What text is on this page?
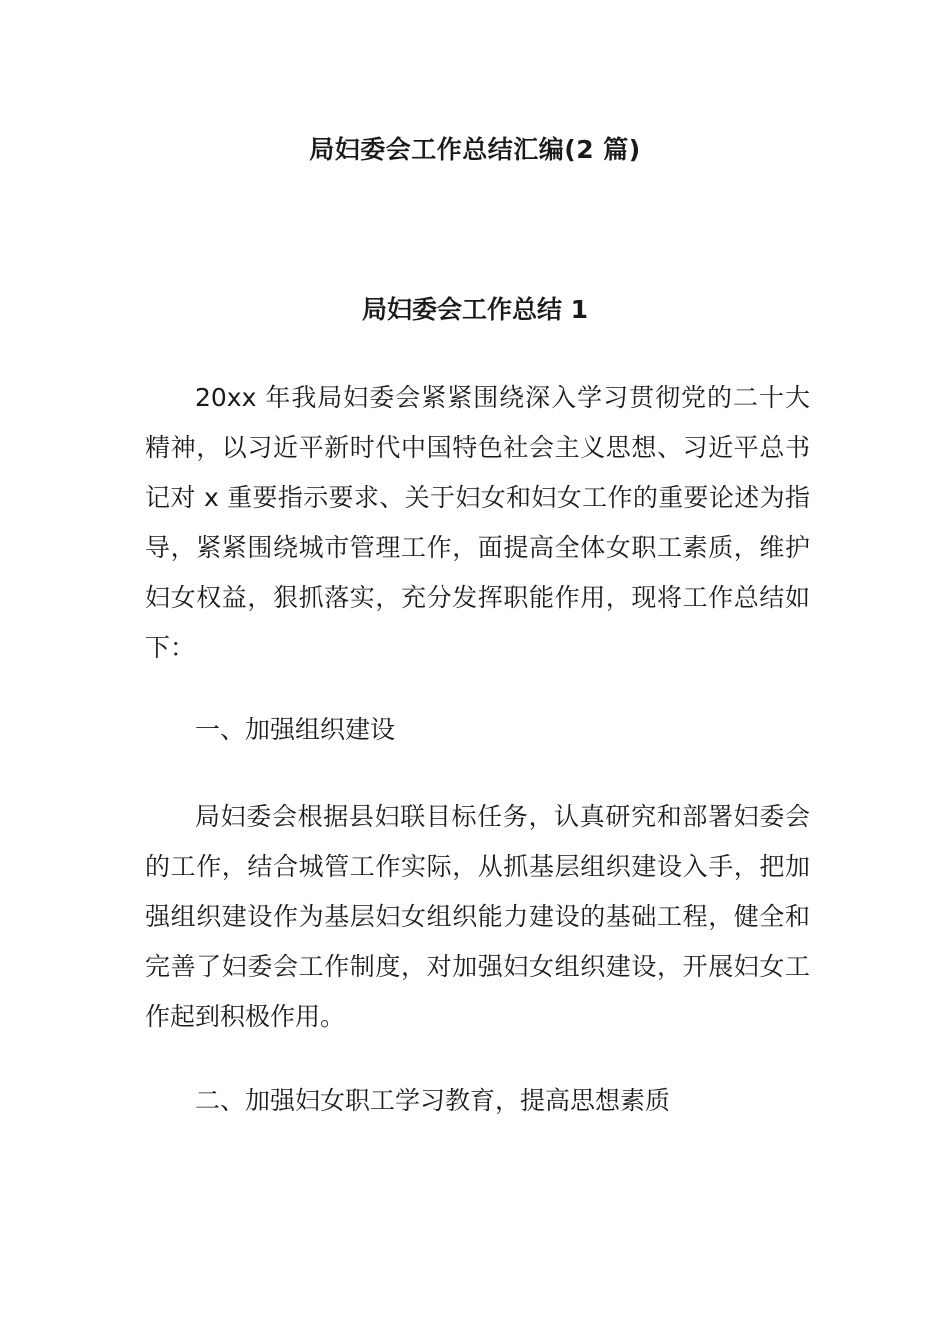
局妇委会工作总结汇编(2 篇)
局妇委会工作总结 1

20xx 年我局妇委会紧紧围绕深入学习贯彻党的二十大精神，以习近平新时代中国特色社会主义思想、习近平总书记对 x 重要指示要求、关于妇女和妇女工作的重要论述为指导，紧紧围绕城市管理工作，面提高全体女职工素质，维护妇女权益，狠抓落实，充分发挥职能作用，现将工作总结如下：

一、加强组织建设

局妇委会根据县妇联目标任务，认真研究和部署妇委会的工作，结合城管工作实际，从抓基层组织建设入手，把加强组织建设作为基层妇女组织能力建设的基础工程，健全和完善了妇委会工作制度，对加强妇女组织建设，开展妇女工作起到积极作用。

二、加强妇女职工学习教育，提高思想素质
